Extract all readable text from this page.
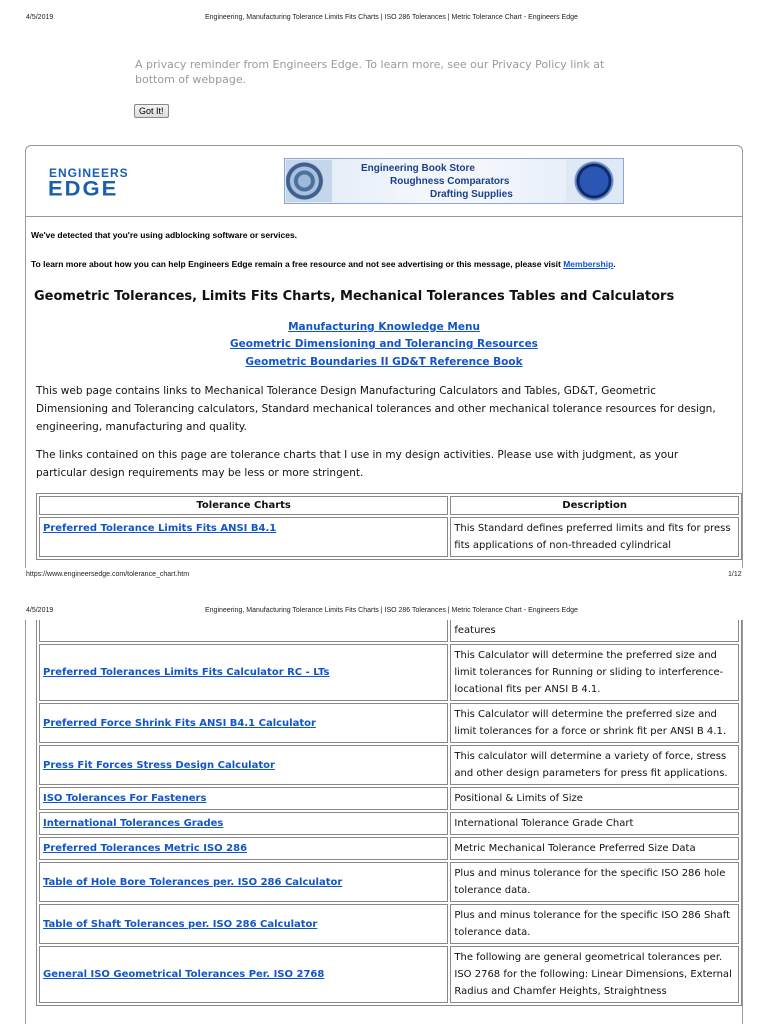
4/5/2019	Engineering, Manufacturing Tolerance Limits Fits Charts | ISO 286 Tolerances | Metric Tolerance Chart - Engineers Edge
A privacy reminder from Engineers Edge. To learn more, see our Privacy Policy link at bottom of webpage.
Got It!
ENGINEERS
EDGE
Engineering Book Store
Roughness Comparators
Drafting Supplies
We've detected that you're using adblocking software or services.
To learn more about how you can help Engineers Edge remain a free resource and not see advertising or this message, please visit Membership.
Geometric Tolerances, Limits Fits Charts, Mechanical Tolerances Tables and Calculators
Manufacturing Knowledge Menu
Geometric Dimensioning and Tolerancing Resources
Geometric Boundaries II GD&T Reference Book
This web page contains links to Mechanical Tolerance Design Manufacturing Calculators and Tables, GD&T, Geometric Dimensioning and Tolerancing calculators, Standard mechanical tolerances and other mechanical tolerance resources for design, engineering, manufacturing and quality.
The links contained on this page are tolerance charts that I use in my design activities. Please use with judgment, as your particular design requirements may be less or more stringent.
Tolerance Charts	Description
Preferred Tolerance Limits Fits ANSI B4.1	This Standard defines preferred limits and fits for press fits applications of non-threaded cylindrical
https://www.engineersedge.com/tolerance_chart.htm	1/12
4/5/2019	Engineering, Manufacturing Tolerance Limits Fits Charts | ISO 286 Tolerances | Metric Tolerance Chart - Engineers Edge
	features
Preferred Tolerances Limits Fits Calculator RC - LTs	This Calculator will determine the preferred size and limit tolerances for Running or sliding to interference-locational fits per ANSI B 4.1.
Preferred Force Shrink Fits ANSI B4.1 Calculator	This Calculator will determine the preferred size and limit tolerances for a force or shrink fit per ANSI B 4.1.
Press Fit Forces Stress Design Calculator	This calculator will determine a variety of force, stress and other design parameters for press fit applications.
ISO Tolerances For Fasteners	Positional & Limits of Size
International Tolerances Grades	International Tolerance Grade Chart
Preferred Tolerances Metric ISO 286	Metric Mechanical Tolerance Preferred Size Data
Table of Hole Bore Tolerances per. ISO 286 Calculator	Plus and minus tolerance for the specific ISO 286 hole tolerance data.
Table of Shaft Tolerances per. ISO 286 Calculator	Plus and minus tolerance for the specific ISO 286 Shaft tolerance data.
General ISO Geometrical Tolerances Per. ISO 2768	The following are general geometrical tolerances per. ISO 2768 for the following: Linear Dimensions, External Radius and Chamfer Heights, Straightness
